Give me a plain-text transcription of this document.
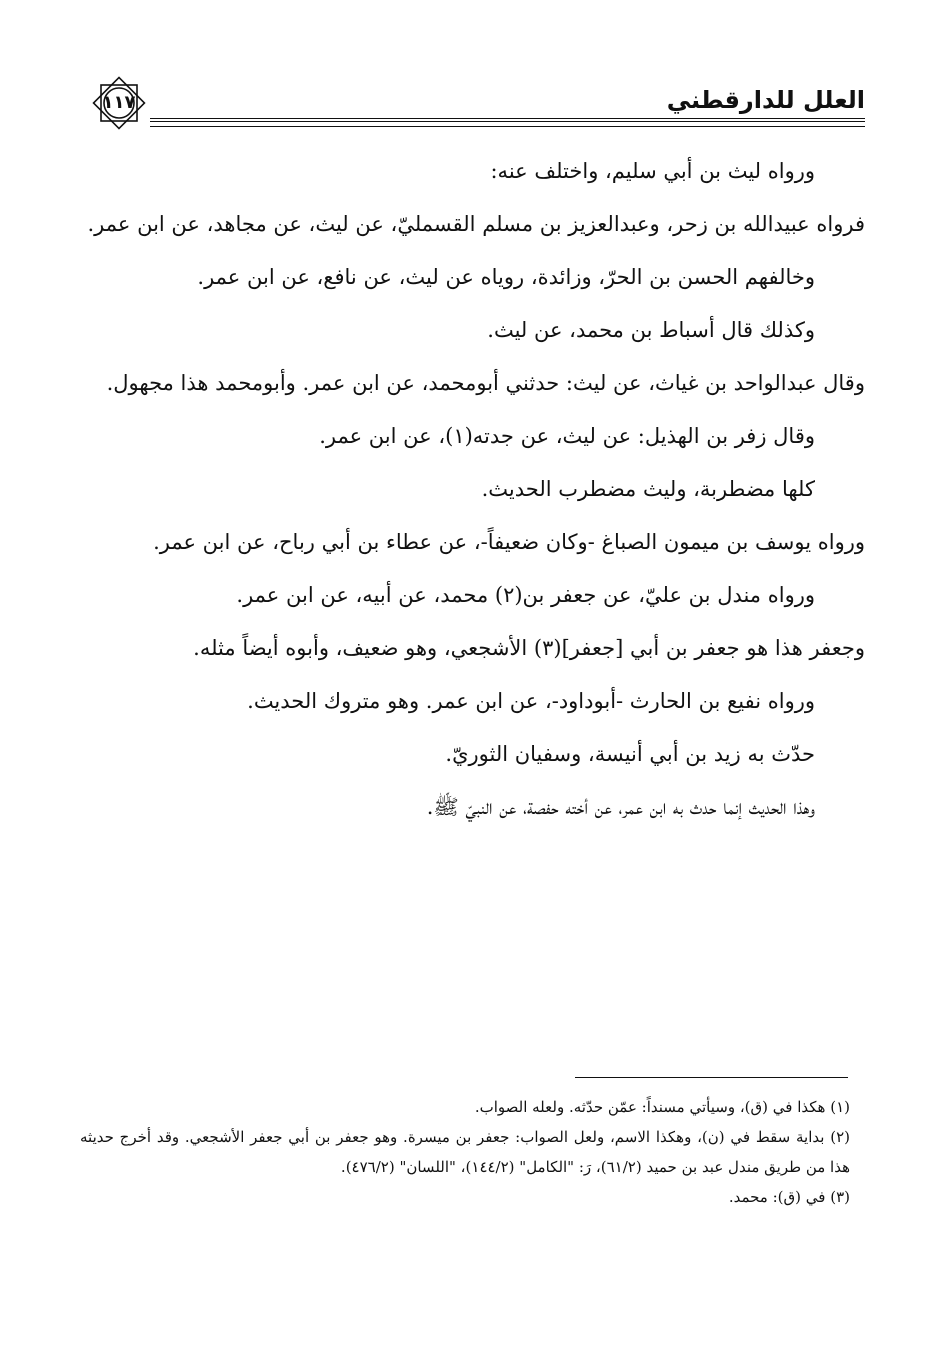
١١٧	العلل للدارقطني

ورواه ليث بن أبي سليم، واختلف عنه:

فرواه عبيدالله بن زحر، وعبدالعزيز بن مسلم القسمليّ، عن ليث، عن مجاهد، عن ابن عمر.

وخالفهم الحسن بن الحرّ، وزائدة، روياه عن ليث، عن نافع، عن ابن عمر.

وكذلك قال أسباط بن محمد، عن ليث.

وقال عبدالواحد بن غياث، عن ليث: حدثني أبومحمد، عن ابن عمر. وأبومحمد هذا مجهول.

وقال زفر بن الهذيل: عن ليث، عن جدته(١)، عن ابن عمر.

كلها مضطربة، وليث مضطرب الحديث.

ورواه يوسف بن ميمون الصباغ -وكان ضعيفاً-، عن عطاء بن أبي رباح، عن ابن عمر.

ورواه مندل بن عليّ، عن جعفر بن(٢) محمد، عن أبيه، عن ابن عمر.

وجعفر هذا هو جعفر بن أبي [جعفر](٣) الأشجعي، وهو ضعيف، وأبوه أيضاً مثله.

ورواه نفيع بن الحارث -أبوداود-، عن ابن عمر. وهو متروك الحديث.

حدّث به زيد بن أبي أنيسة، وسفيان الثوريّ.

وهذا الحديث إنما حدث به ابن عمر، عن أخته حفصة، عن النبيّ ﷺ.

(١) هكذا في (ق)، وسيأتي مسنداً: عمّن حدّثه. ولعله الصواب.

(٢) بداية سقط في (ن)، وهكذا الاسم، ولعل الصواب: جعفر بن ميسرة. وهو جعفر بن أبي جعفر الأشجعي. وقد أخرج حديثه هذا من طريق مندل عبد بن حميد (٦١/٢)، رَ: "الكامل" (١٤٤/٢)، "اللسان" (٤٧٦/٢).

(٣) في (ق): محمد.
